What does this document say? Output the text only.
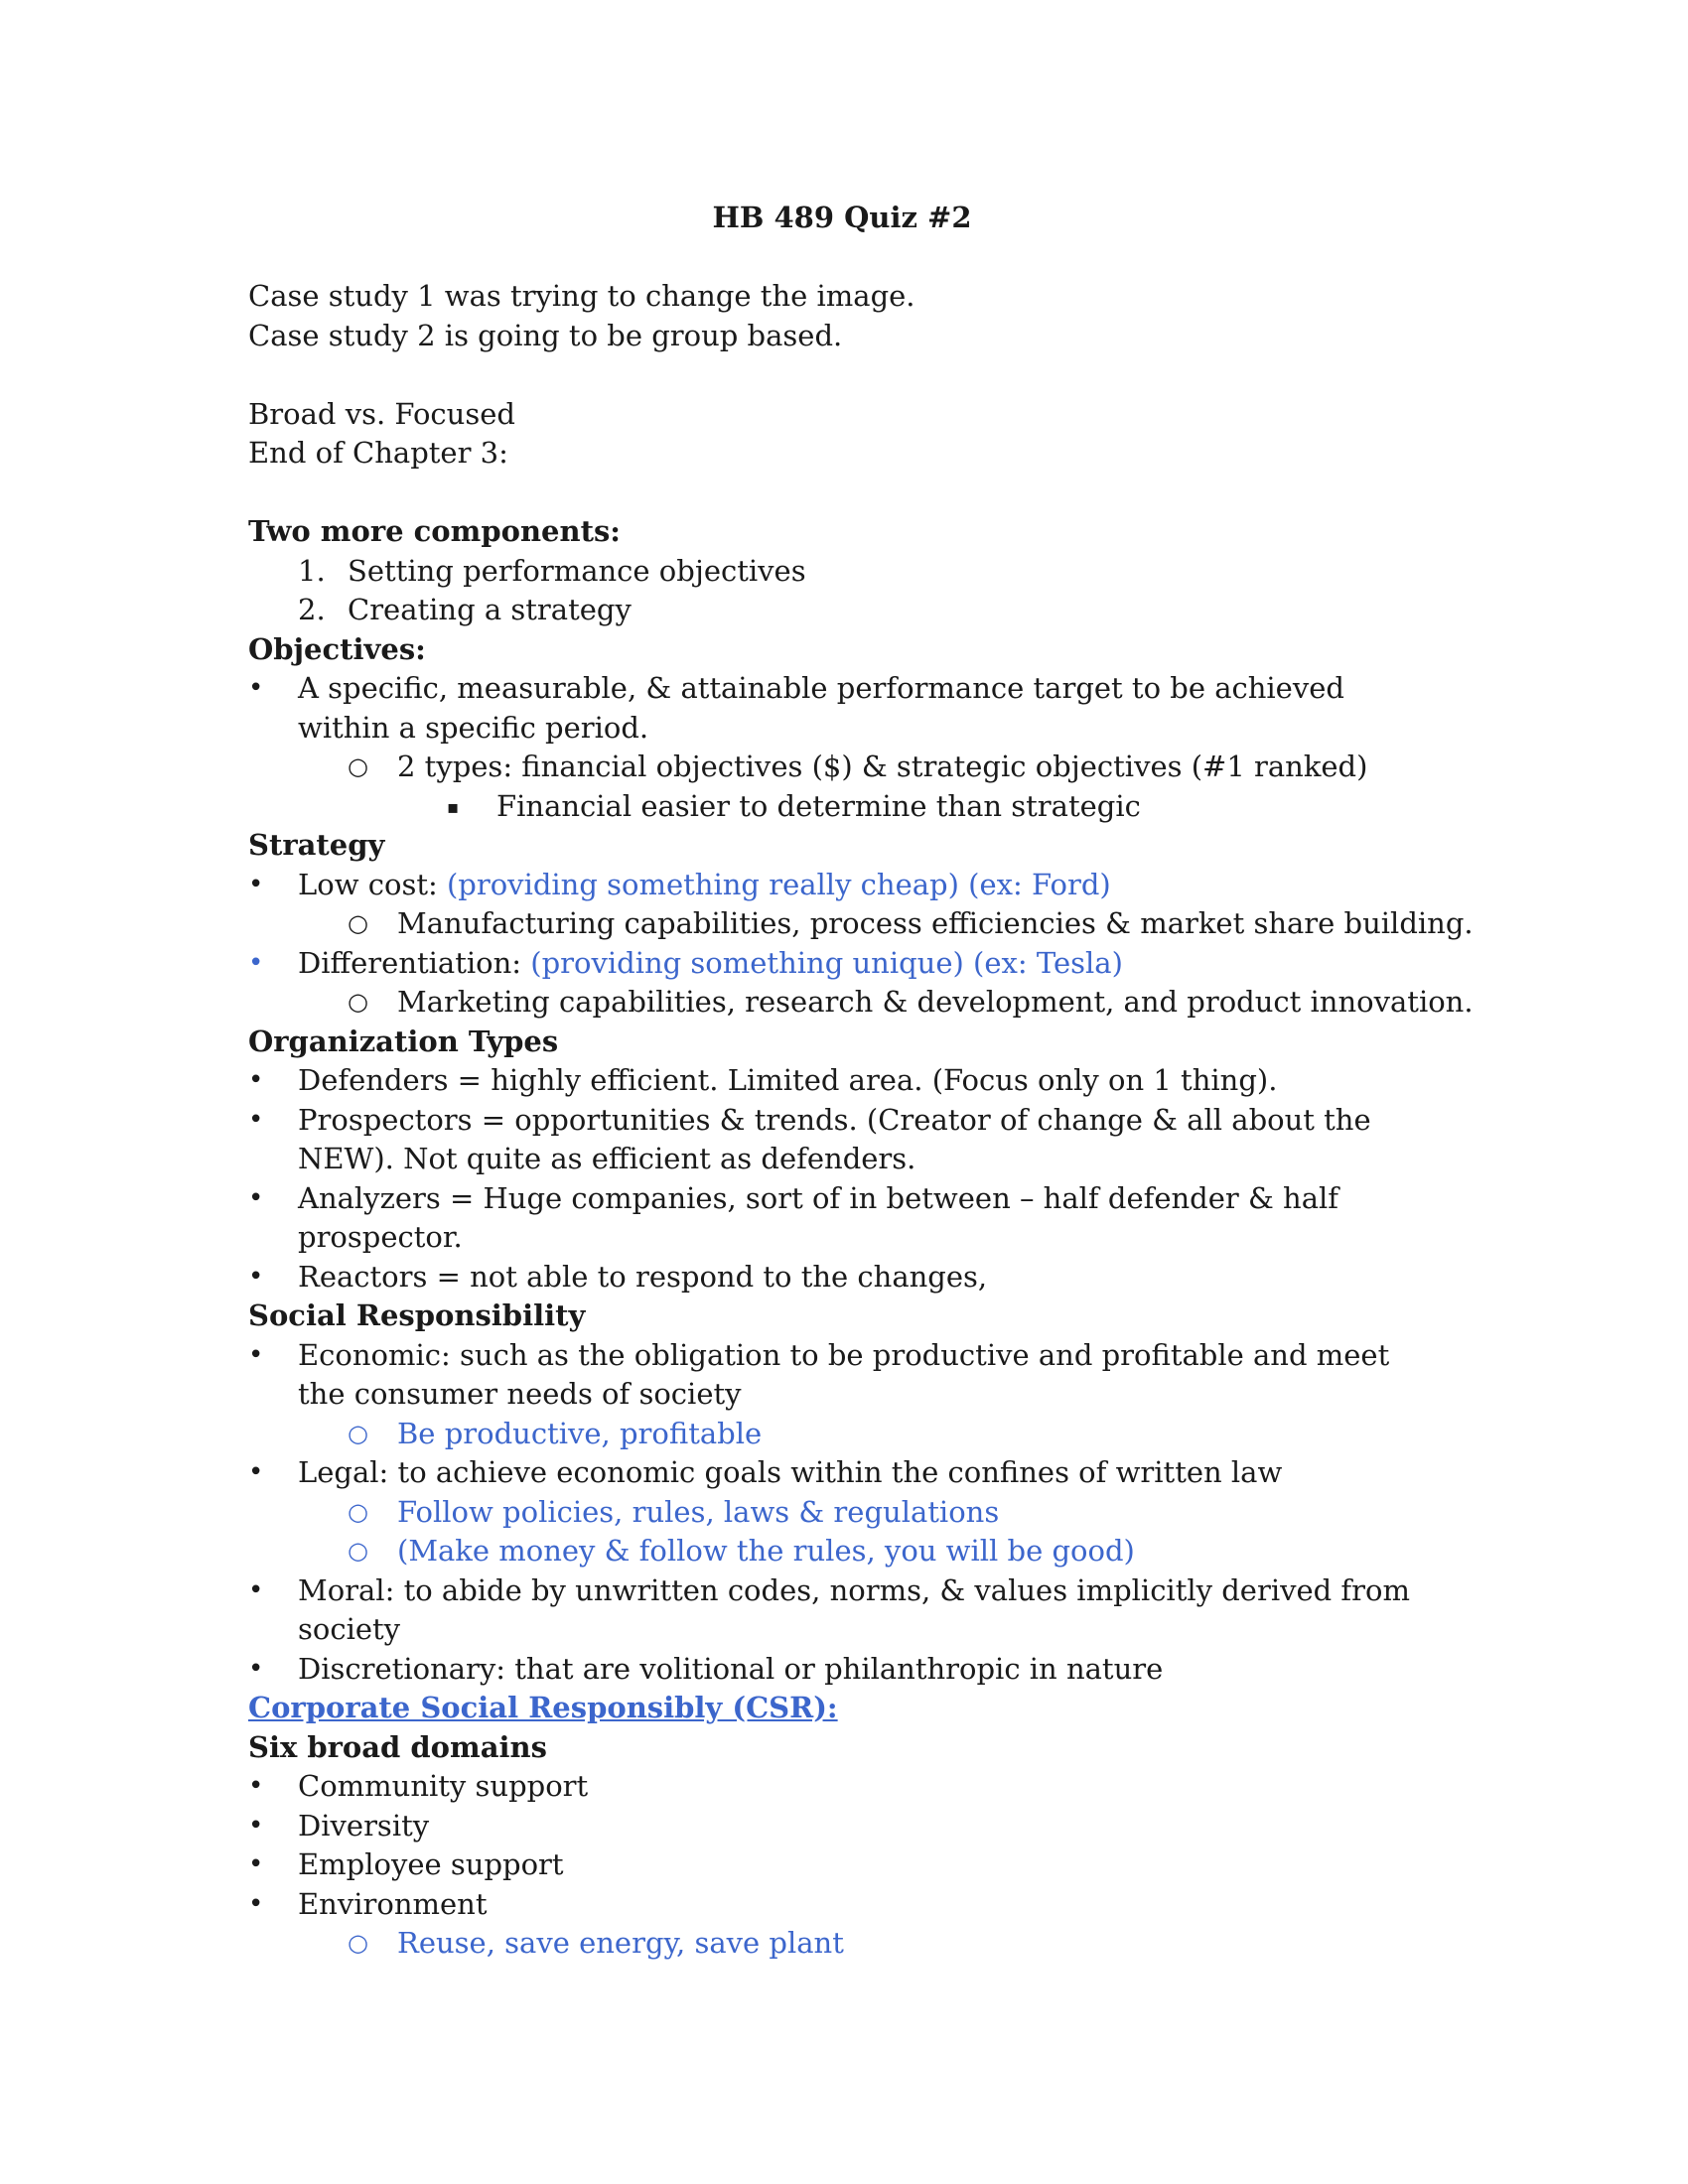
HB 489 Quiz #2

Case study 1 was trying to change the image.

Case study 2 is going to be group based.

Broad vs. Focused

End of Chapter 3:

Two more components:

1. Setting performance objectives

2. Creating a strategy

Objectives:

•	A specific, measurable, & attainable performance target to be achieved within a specific period.

○ 2 types: financial objectives ($) & strategic objectives (#1 ranked)

▪ Financial easier to determine than strategic

Strategy

•	Low cost: (providing something really cheap) (ex: Ford)

○ Manufacturing capabilities, process efficiencies & market share building.

•	Differentiation: (providing something unique) (ex: Tesla)

○ Marketing capabilities, research & development, and product innovation.

Organization Types

•	Defenders = highly efficient. Limited area. (Focus only on 1 thing).

•	Prospectors = opportunities & trends. (Creator of change & all about the NEW). Not quite as efficient as defenders.

•	Analyzers = Huge companies, sort of in between – half defender & half prospector.

•	Reactors = not able to respond to the changes,

Social Responsibility

•	Economic: such as the obligation to be productive and profitable and meet the consumer needs of society

○ Be productive, profitable

•	Legal: to achieve economic goals within the confines of written law

○ Follow policies, rules, laws & regulations

○ (Make money & follow the rules, you will be good)

•	Moral: to abide by unwritten codes, norms, & values implicitly derived from society

•	Discretionary: that are volitional or philanthropic in nature

Corporate Social Responsibly (CSR):

Six broad domains

•	Community support

•	Diversity

•	Employee support

•	Environment

○ Reuse, save energy, save plant
